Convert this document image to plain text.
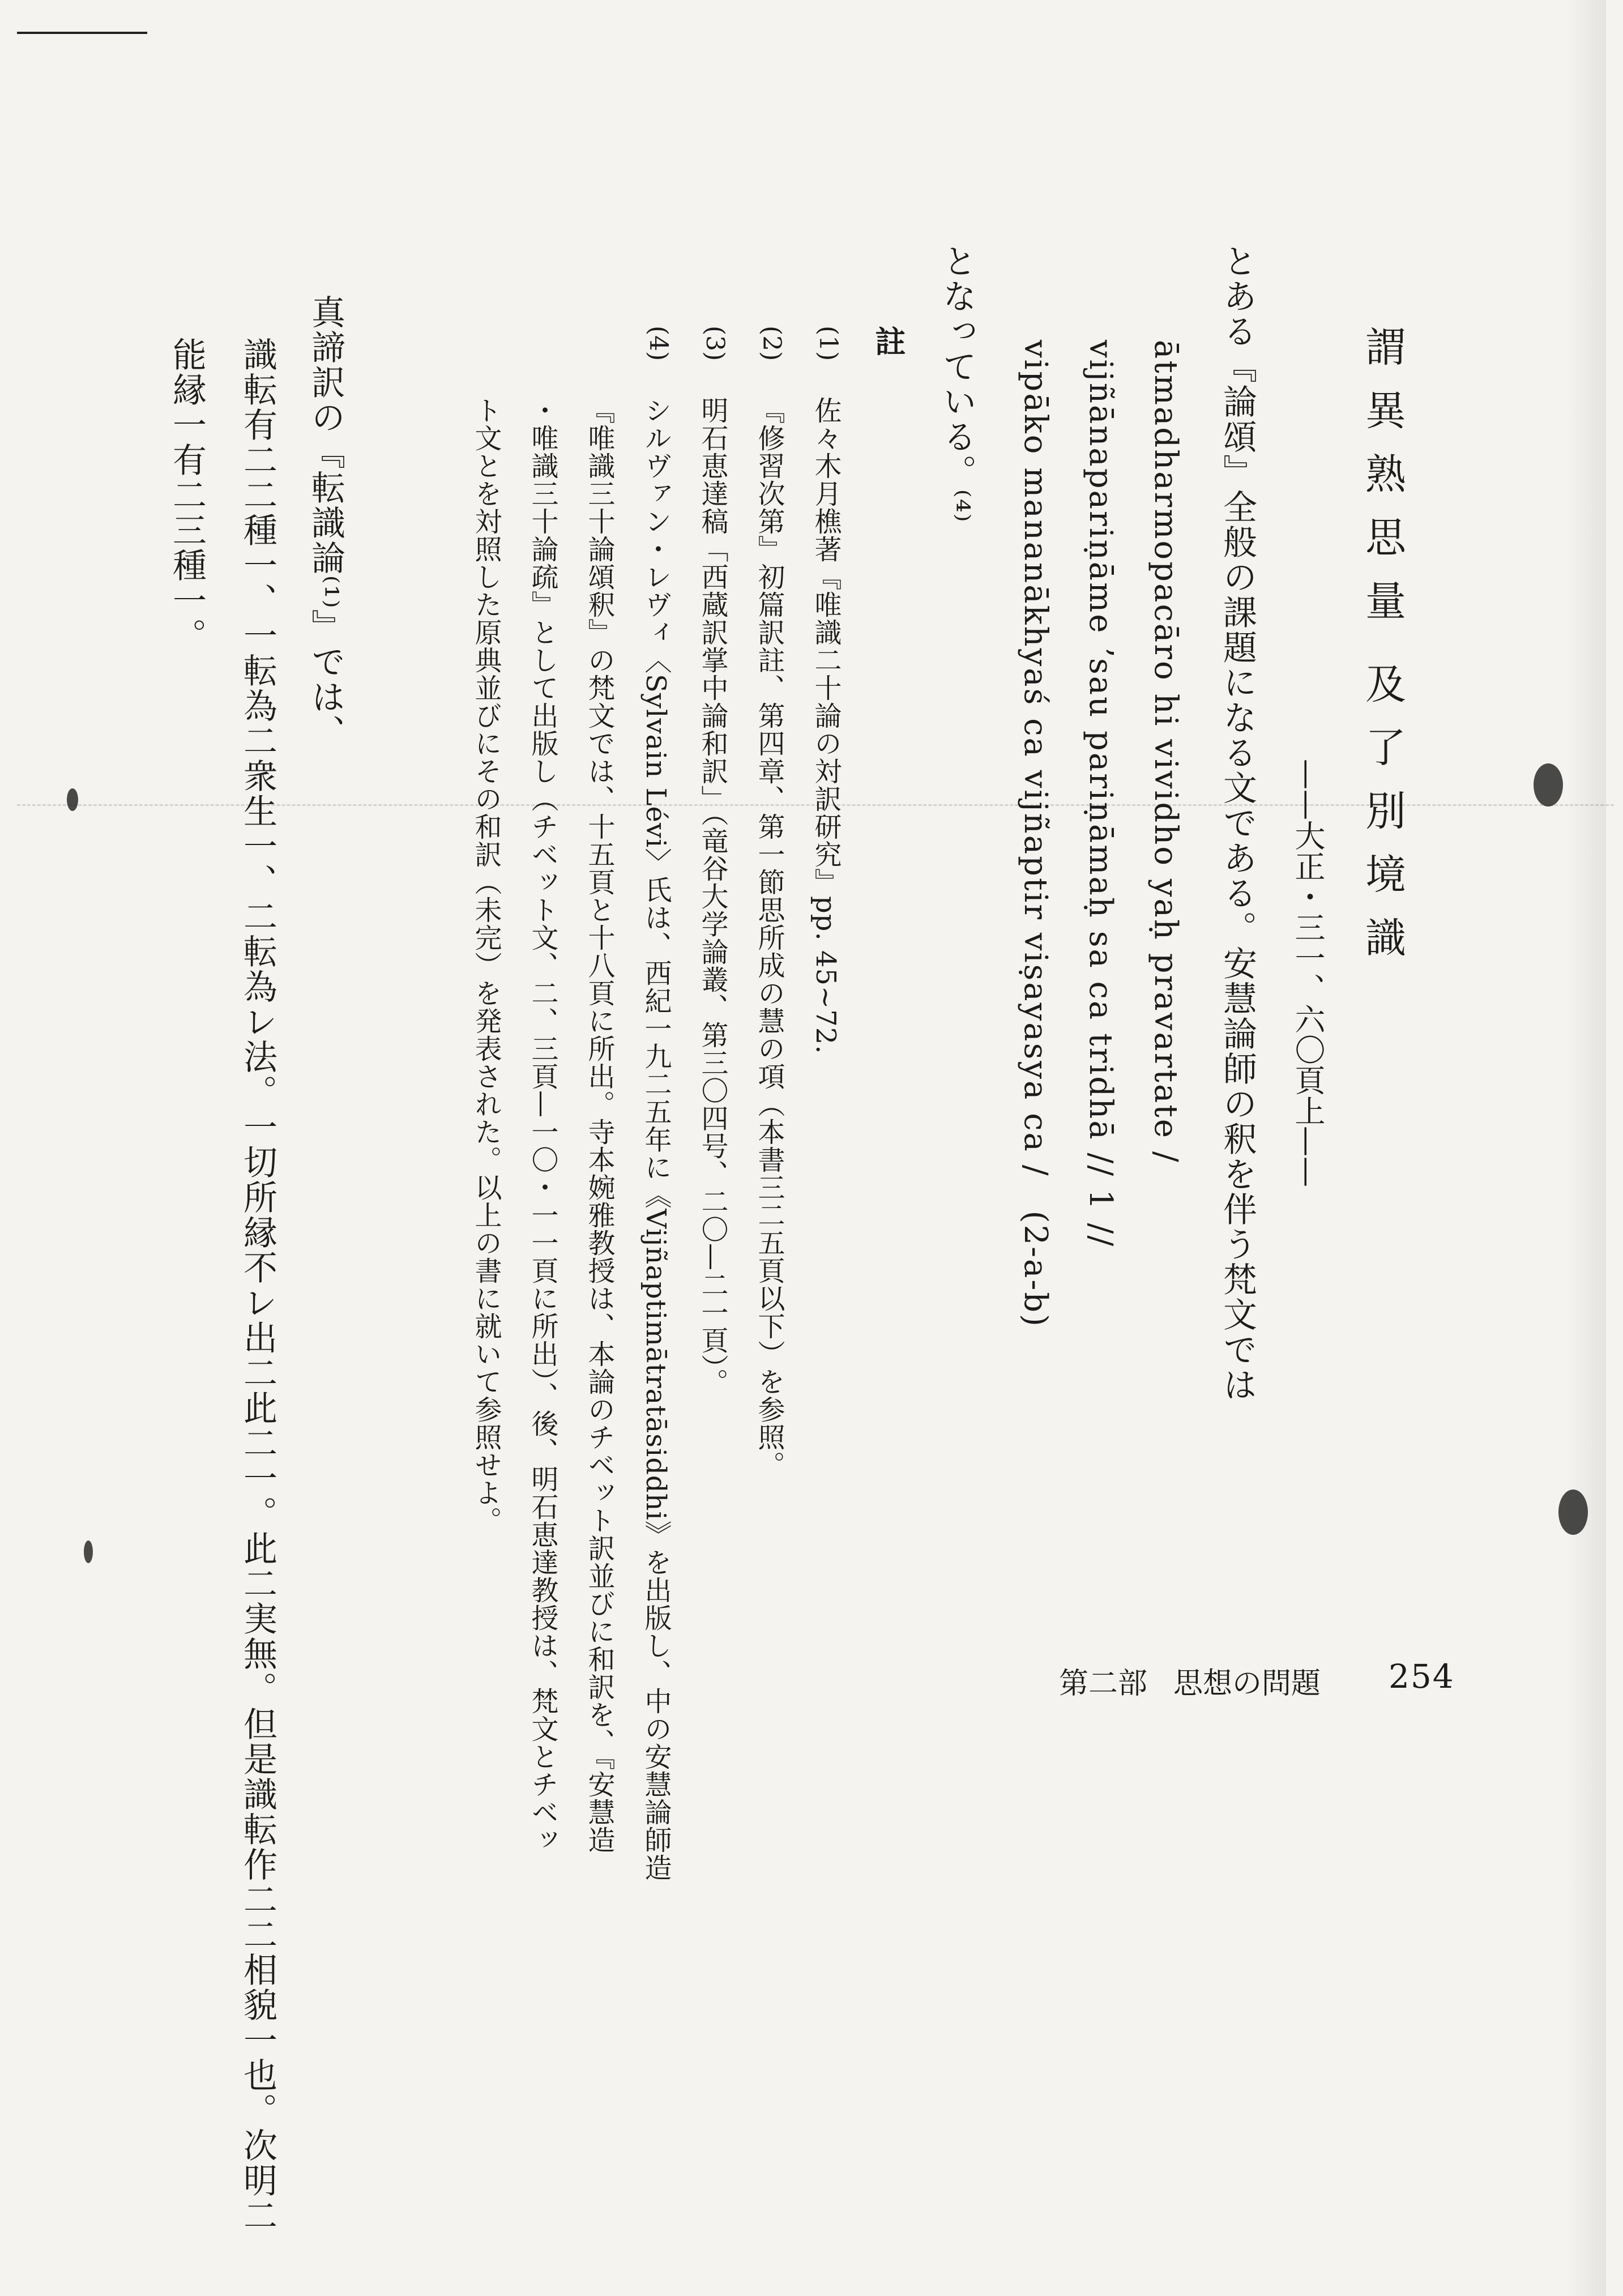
謂異熟思量
及了別境識
——大正・三一、六〇頁上——
とある『論頌』全般の課題になる文である。安慧論師の釈を伴う梵文では
ātmadharmopacāro hi vividho yaḥ pravartate /
vijñānapariṇāme ʼsau pariṇāmaḥ sa ca tridhā // 1 //
vipāko mananākhyaś ca vijñaptir viṣayasya ca /　(2-a-b)
となっている。⁽⁴⁾
註
(1)
佐々木月樵著『唯識二十論の対訳研究』pp. 45~72.
(2)
『修習次第』初篇訳註、第四章、第一節思所成の慧の項（本書三二五頁以下）を参照。
(3)
明石恵達稿「西蔵訳掌中論和訳」（竜谷大学論叢、第三〇四号、二〇—二一頁）。
(4)
シルヴァン・レヴィ〈Sylvain Lévi〉氏は、西紀一九二五年に《Vijñaptimātratāsiddhi》を出版し、中の安慧論師造
『唯識三十論頌釈』の梵文では、十五頁と十八頁に所出。寺本婉雅教授は、本論のチベット訳並びに和訳を、『安慧造
・唯識三十論疏』として出版し（チベット文、二、三頁—一〇・一一頁に所出）、後、明石恵達教授は、梵文とチベッ
ト文とを対照した原典並びにその和訳（未完）を発表された。以上の書に就いて参照せよ。
真諦訳の『転識論⁽¹⁾』では、
識転有二二種一、一転為二衆生一、二転為レ法。一切所縁不レ出二此二一。此二実無。但是識転作二二相貌一也。次明二
能縁一有二三種一。
第二部 思想の問題 254
